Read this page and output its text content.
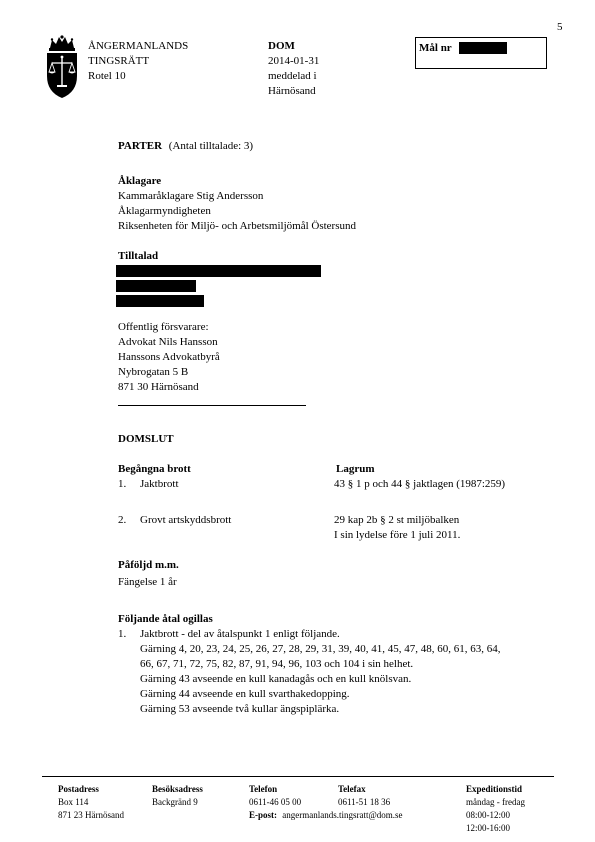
5
ÅNGERMANLANDS
TINGSRÄTT
Rotel 10
DOM
2014-01-31
meddelad i
Härnösand
Mål nr
PARTER (Antal tilltalade: 3)
Åklagare
Kammaråklagare Stig Andersson
Åklagarmyndigheten
Riksenheten för Miljö- och Arbetsmiljömål Östersund
Tilltalad
Offentlig försvarare:
Advokat Nils Hansson
Hanssons Advokatbyrå
Nybrogatan 5 B
871 30 Härnösand
DOMSLUT
Begångna brott	Lagrum
1. Jaktbrott	43 § 1 p och 44 § jaktlagen (1987:259)
2. Grovt artskyddsbrott	29 kap 2b § 2 st miljöbalken
I sin lydelse före 1 juli 2011.
Påföljd m.m.
Fängelse 1 år
Följande åtal ogillas
1. Jaktbrott - del av åtalspunkt 1 enligt följande.
Gärning 4, 20, 23, 24, 25, 26, 27, 28, 29, 31, 39, 40, 41, 45, 47, 48, 60, 61, 63, 64,
66, 67, 71, 72, 75, 82, 87, 91, 94, 96, 103 och 104 i sin helhet.
Gärning 43 avseende en kull kanadagås och en kull knölsvan.
Gärning 44 avseende en kull svarthakedopping.
Gärning 53 avseende två kullar ängspiplärka.
Postadress
Box 114
871 23 Härnösand
Besöksadress
Backgränd 9
Telefon
0611-46 05 00
E-post: angermanlands.tingsratt@dom.se
Telefax
0611-51 18 36
Expeditionstid
måndag - fredag
08:00-12:00
12:00-16:00
